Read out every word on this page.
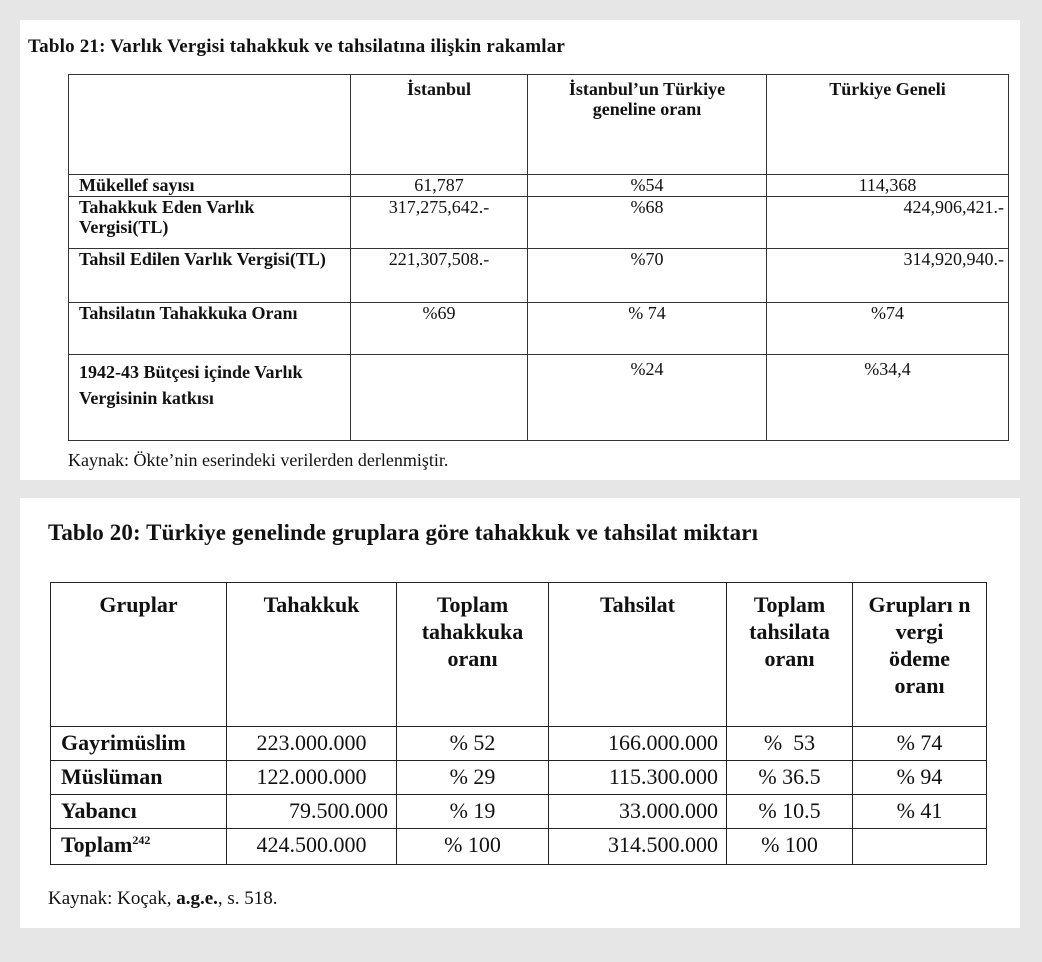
Tablo 21: Varlık Vergisi tahakkuk ve tahsilatına ilişkin rakamlar
	İstanbul	İstanbul’un Türkiye geneline oranı	Türkiye Geneli
Mükellef sayısı	61,787	%54	114,368
Tahakkuk Eden Varlık Vergisi(TL)	317,275,642.-	%68	424,906,421.-
Tahsil Edilen Varlık Vergisi(TL)	221,307,508.-	%70	314,920,940.-
Tahsilatın Tahakkuka Oranı	%69	% 74	%74
1942-43 Bütçesi içinde Varlık Vergisinin katkısı		%24	%34,4
Kaynak: Ökte’nin eserindeki verilerden derlenmiştir.
Tablo 20: Türkiye genelinde gruplara göre tahakkuk ve tahsilat miktarı
Gruplar	Tahakkuk	Toplam tahakkuka oranı	Tahsilat	Toplam tahsilata oranı	Grupları n vergi ödeme oranı
Gayrimüslim	223.000.000	% 52	166.000.000	%  53	% 74
Müslüman	122.000.000	% 29	115.300.000	% 36.5	% 94
Yabancı	79.500.000	% 19	33.000.000	% 10.5	% 41
Toplam$^{242}$	424.500.000	% 100	314.500.000	% 100	
Kaynak: Koçak, a.g.e., s. 518.
